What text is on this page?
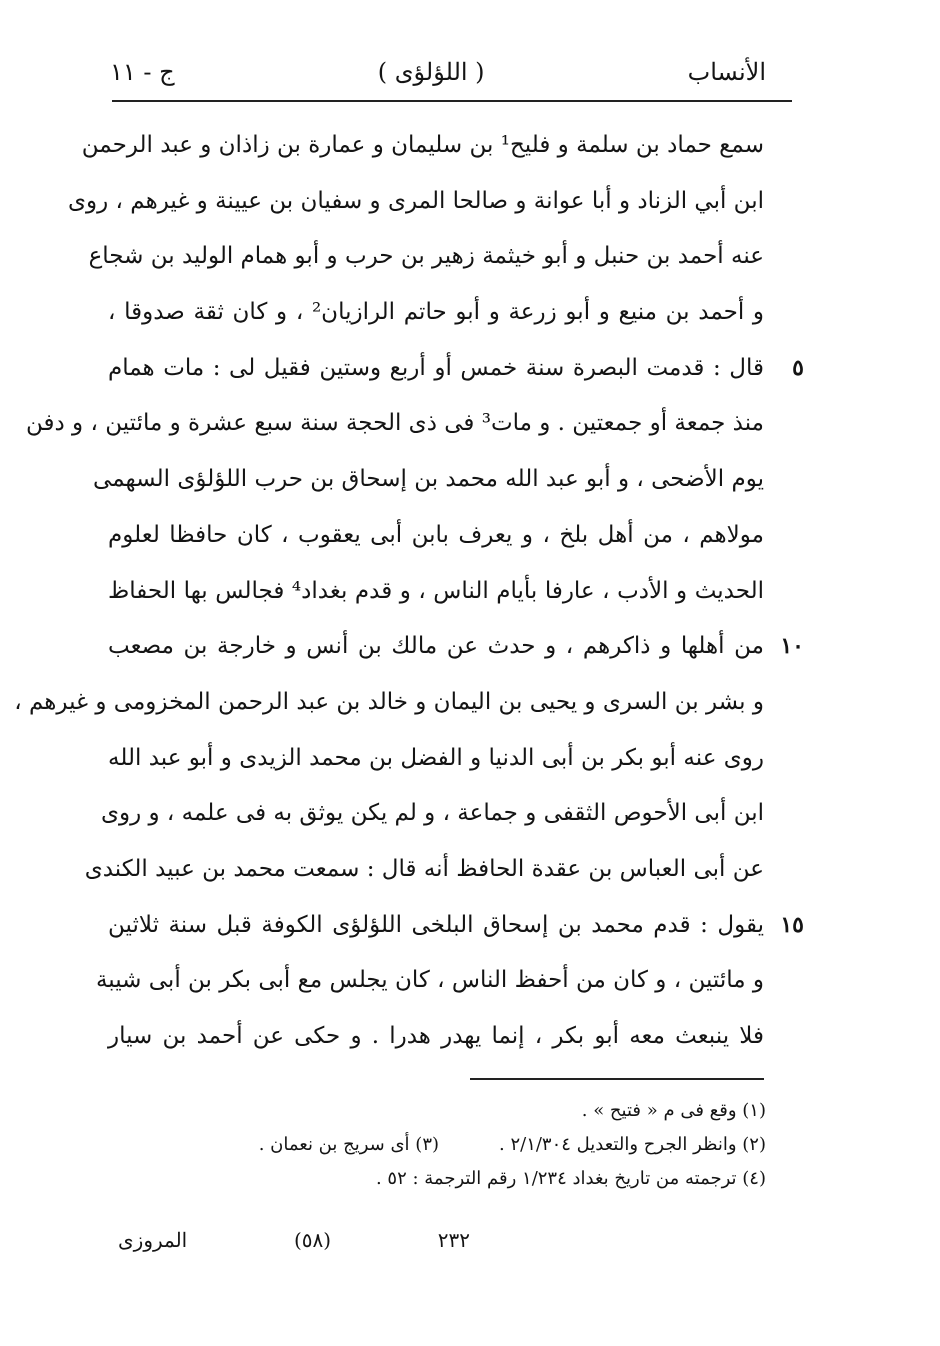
الأنساب
( اللؤلؤى )
ج - ١١
سمع حماد بن سلمة و فليح¹ بن سليمان و عمارة بن زاذان و عبد الرحمن
ابن أبي الزناد و أبا عوانة و صالحا المرى و سفيان بن عيينة و غيرهم ، روى
عنه أحمد بن حنبل و أبو خيثمة زهير بن حرب و أبو همام الوليد بن شجاع
و أحمد بن منيع و أبو زرعة و أبو حاتم الرازيان² ، و كان ثقة صدوقا ،
قال : قدمت البصرة سنة خمس أو أربع وستين فقيل لى : مات همام	٥
منذ جمعة أو جمعتين . و مات³ فى ذى الحجة سنة سبع عشرة و مائتين ، و دفن
يوم الأضحى ، و أبو عبد الله محمد بن إسحاق بن حرب اللؤلؤى السهمى
مولاهم ، من أهل بلخ ، و يعرف بابن أبى يعقوب ، كان حافظا لعلوم
الحديث و الأدب ، عارفا بأيام الناس ، و قدم بغداد⁴ فجالس بها الحفاظ
من أهلها و ذاكرهم ، و حدث عن مالك بن أنس و خارجة بن مصعب ١٠
و بشر بن السرى و يحيى بن اليمان و خالد بن عبد الرحمن المخزومى و غيرهم ،
روى عنه أبو بكر بن أبى الدنيا و الفضل بن محمد الزيدى و أبو عبد الله
ابن أبى الأحوص الثقفى و جماعة ، و لم يكن يوثق به فى علمه ، و روى
عن أبى العباس بن عقدة الحافظ أنه قال : سمعت محمد بن عبيد الكندى
يقول : قدم محمد بن إسحاق البلخى اللؤلؤى الكوفة قبل سنة ثلاثين ١٥
و مائتين ، و كان من أحفظ الناس ، كان يجلس مع أبى بكر بن أبى شيبة
فلا ينبعث معه أبو بكر ، إنما يهدر هدرا . و حكى عن أحمد بن سيار
(١) وقع فى م « فتيح » .
(٢) وانظر الجرح والتعديل ٢/١/٣٠٤ .
(٣) أى سريج بن نعمان .
(٤) ترجمته من تاريخ بغداد ١/٢٣٤ رقم الترجمة : ٥٢ .
٢٣٢
(٥٨)
المروزى
